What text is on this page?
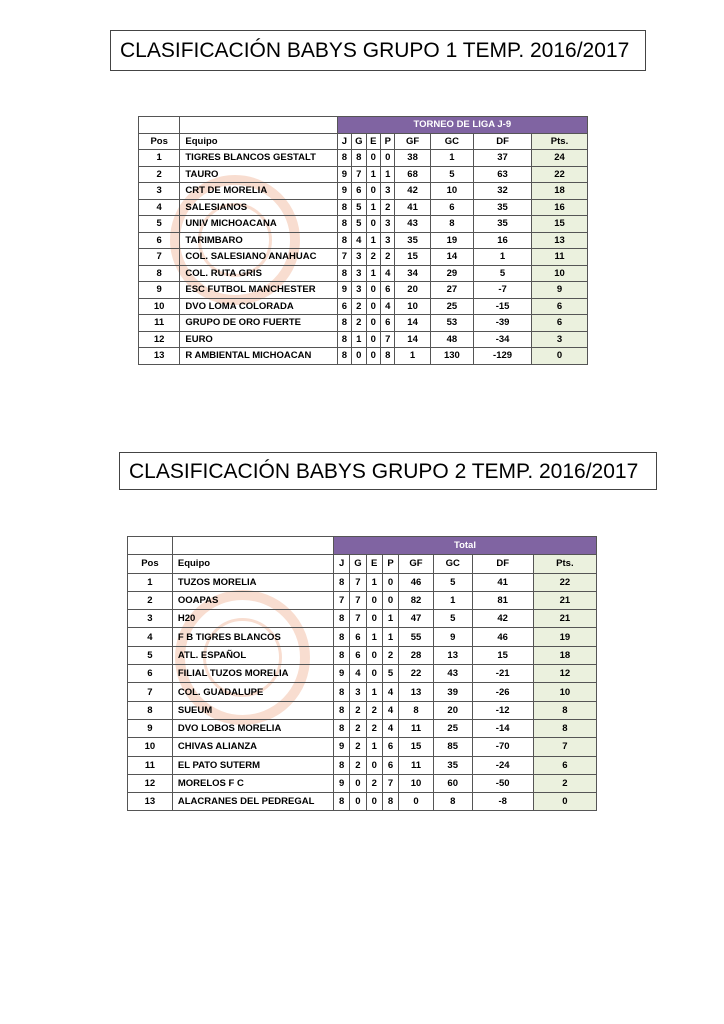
CLASIFICACIÓN BABYS GRUPO 1 TEMP. 2016/2017
		TORNEO DE LIGA J-9							
Pos	Equipo	J	G	E	P	GF	GC	DF	Pts.
1	TIGRES BLANCOS GESTALT	8	8	0	0	38	1	37	24
2	TAURO	9	7	1	1	68	5	63	22
3	CRT DE MORELIA	9	6	0	3	42	10	32	18
4	SALESIANOS	8	5	1	2	41	6	35	16
5	UNIV MICHOACANA	8	5	0	3	43	8	35	15
6	TARIMBARO	8	4	1	3	35	19	16	13
7	COL. SALESIANO ANAHUAC	7	3	2	2	15	14	1	11
8	COL. RUTA GRIS	8	3	1	4	34	29	5	10
9	ESC FUTBOL MANCHESTER	9	3	0	6	20	27	-7	9
10	DVO LOMA COLORADA	6	2	0	4	10	25	-15	6
11	GRUPO DE ORO FUERTE	8	2	0	6	14	53	-39	6
12	EURO	8	1	0	7	14	48	-34	3
13	R AMBIENTAL MICHOACAN	8	0	0	8	1	130	-129	0
CLASIFICACIÓN BABYS GRUPO 2 TEMP. 2016/2017
		Total							
Pos	Equipo	J	G	E	P	GF	GC	DF	Pts.
1	TUZOS MORELIA	8	7	1	0	46	5	41	22
2	OOAPAS	7	7	0	0	82	1	81	21
3	H20	8	7	0	1	47	5	42	21
4	F B TIGRES BLANCOS	8	6	1	1	55	9	46	19
5	ATL. ESPAÑOL	8	6	0	2	28	13	15	18
6	FILIAL TUZOS MORELIA	9	4	0	5	22	43	-21	12
7	COL. GUADALUPE	8	3	1	4	13	39	-26	10
8	SUEUM	8	2	2	4	8	20	-12	8
9	DVO LOBOS MORELIA	8	2	2	4	11	25	-14	8
10	CHIVAS ALIANZA	9	2	1	6	15	85	-70	7
11	EL PATO SUTERM	8	2	0	6	11	35	-24	6
12	MORELOS F C	9	0	2	7	10	60	-50	2
13	ALACRANES DEL PEDREGAL	8	0	0	8	0	8	-8	0
